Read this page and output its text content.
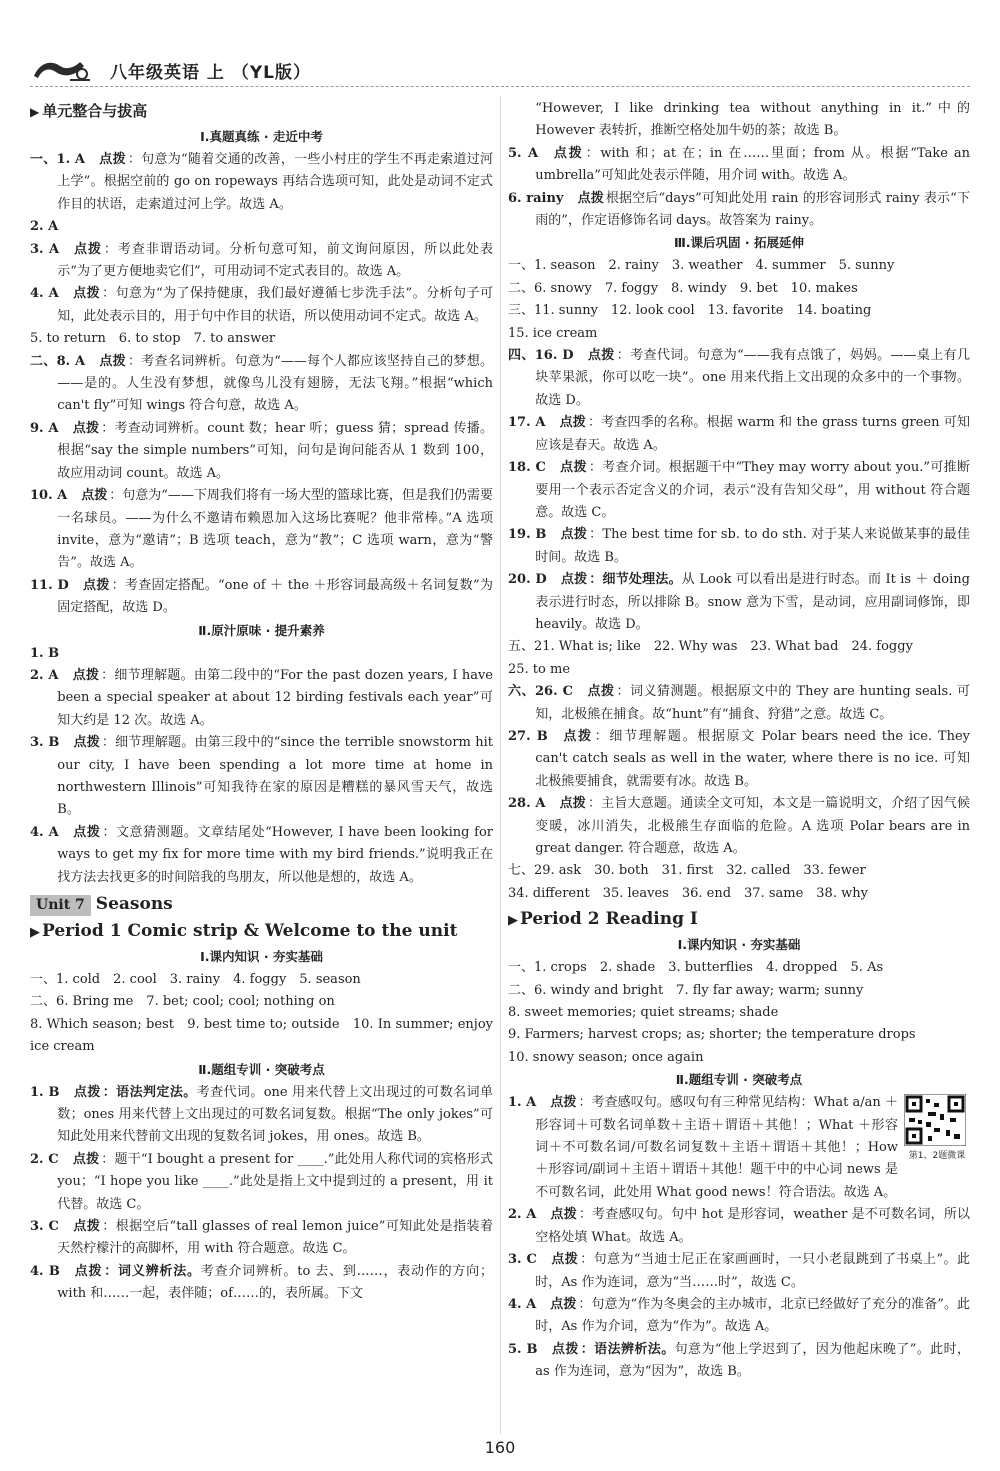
八年级英语 上 （YL版）
▶ 单元整合与拔高
Ⅰ.真题真练 · 走近中考

一、1. A 点拨 ：句意为“随着交通的改善，一些小村庄的学生不再走索道过河上学”。根据空前的 go on ropeways 再结合选项可知，此处是动词不定式作目的状语，走索道过河上学。故选 A。

2. A

3. A 点拨 ：考查非谓语动词。分析句意可知，前文询问原因，所以此处表示“为了更方便地卖它们”，可用动词不定式表目的。故选 A。

4. A 点拨 ：句意为“为了保持健康，我们最好遵循七步洗手法”。分析句子可知，此处表示目的，用于句中作目的状语，所以使用动词不定式。故选 A。

5. to return　6. to stop　7. to answer

二、8. A 点拨 ：考查名词辨析。句意为“——每个人都应该坚持自己的梦想。——是的。人生没有梦想，就像鸟儿没有翅膀，无法飞翔。”根据“which can't fly”可知 wings 符合句意，故选 A。

9. A 点拨 ：考查动词辨析。count 数；hear 听；guess 猜；spread 传播。根据“say the simple numbers”可知，问句是询问能否从 1 数到 100，故应用动词 count。故选 A。

10. A 点拨 ：句意为“——下周我们将有一场大型的篮球比赛，但是我们仍需要一名球员。——为什么不邀请布赖恩加入这场比赛呢？他非常棒。”A 选项 invite，意为“邀请”；B 选项 teach，意为“教”；C 选项 warn，意为“警告”。故选 A。

11. D 点拨 ：考查固定搭配。“one of ＋ the ＋形容词最高级＋名词复数”为固定搭配，故选 D。

Ⅱ.原汁原味 · 提升素养

1. B

2. A 点拨 ：细节理解题。由第二段中的“For the past dozen years, I have been a special speaker at about 12 birding festivals each year”可知大约是 12 次。故选 A。

3. B 点拨 ：细节理解题。由第三段中的“since the terrible snowstorm hit our city, I have been spending a lot more time at home in northwestern Illinois”可知我待在家的原因是糟糕的暴风雪天气，故选 B。

4. A 点拨 ：文意猜测题。文章结尾处“However, I have been looking for ways to get my fix for more time with my bird friends.”说明我正在找方法去找更多的时间陪我的鸟朋友，所以他是想的，故选 A。

Unit 7 Seasons
▶ Period 1 Comic strip & Welcome to the unit
Ⅰ.课内知识 · 夯实基础

一、1. cold　2. cool　3. rainy　4. foggy　5. season

二、6. Bring me　7. bet; cool; cool; nothing on

8. Which season; best　9. best time to; outside　10. In summer; enjoy ice cream

Ⅱ.题组专训 · 突破考点

1. B 点拨 ：语法判定法。考查代词。one 用来代替上文出现过的可数名词单数；ones 用来代替上文出现过的可数名词复数。根据“The only jokes”可知此处用来代替前文出现的复数名词 jokes，用 ones。故选 B。

2. C 点拨 ：题干“I bought a present for ____.”此处用人称代词的宾格形式 you；“I hope you like ____.”此处是指上文中提到过的 a present，用 it 代替。故选 C。

3. C 点拨 ：根据空后“tall glasses of real lemon juice”可知此处是指装着天然柠檬汁的高脚杯，用 with 符合题意。故选 C。

4. B 点拨 ：词义辨析法。考查介词辨析。to 去、到……，表动作的方向；with 和……一起，表伴随；of……的，表所属。下文

“However, I like drinking tea without anything in it.”中的 However 表转折，推断空格处加牛奶的茶；故选 B。

5. A 点拨 ：with 和；at 在；in 在……里面；from 从。根据“Take an umbrella”可知此处表示伴随，用介词 with。故选 A。

6. rainy 点拨 根据空后“days”可知此处用 rain 的形容词形式 rainy 表示“下雨的”，作定语修饰名词 days。故答案为 rainy。

Ⅲ.课后巩固 · 拓展延伸

一、1. season　2. rainy　3. weather　4. summer　5. sunny

二、6. snowy　7. foggy　8. windy　9. bet　10. makes

三、11. sunny　12. look cool　13. favorite　14. boating

15. ice cream

四、16. D 点拨 ：考查代词。句意为“——我有点饿了，妈妈。——桌上有几块苹果派，你可以吃一块”。one 用来代指上文出现的众多中的一个事物。故选 D。

17. A 点拨 ：考查四季的名称。根据 warm 和 the grass turns green 可知应该是春天。故选 A。

18. C 点拨 ：考查介词。根据题干中“They may worry about you.”可推断要用一个表示否定含义的介词，表示“没有告知父母”，用 without 符合题意。故选 C。

19. B 点拨 ：The best time for sb. to do sth. 对于某人来说做某事的最佳时间。故选 B。

20. D 点拨 ：细节处理法。从 Look 可以看出是进行时态。而 It is ＋ doing 表示进行时态，所以排除 B。snow 意为下雪，是动词，应用副词修饰，即 heavily。故选 D。

五、21. What is; like　22. Why was　23. What bad　24. foggy

25. to me

六、26. C 点拨 ：词义猜测题。根据原文中的 They are hunting seals. 可知，北极熊在捕食。故“hunt”有“捕食、狩猎”之意。故选 C。

27. B 点拨 ：细节理解题。根据原文 Polar bears need the ice. They can't catch seals as well in the water, where there is no ice. 可知北极熊要捕食，就需要有冰。故选 B。

28. A 点拨 ：主旨大意题。通读全文可知，本文是一篇说明文，介绍了因气候变暖，冰川消失，北极熊生存面临的危险。A 选项 Polar bears are in great danger. 符合题意，故选 A。

七、29. ask　30. both　31. first　32. called　33. fewer

34. different　35. leaves　36. end　37. same　38. why

▶ Period 2 Reading Ⅰ
Ⅰ.课内知识 · 夯实基础

一、1. crops　2. shade　3. butterflies　4. dropped　5. As

二、6. windy and bright　7. fly far away; warm; sunny

8. sweet memories; quiet streams; shade

9. Farmers; harvest crops; as; shorter; the temperature drops

10. snowy season; once again

Ⅱ.题组专训 · 突破考点
第1、2题微课

1. A 点拨 ：考查感叹句。感叹句有三种常见结构：What a/an ＋形容词＋可数名词单数＋主语＋谓语＋其他！；What ＋形容词＋不可数名词/可数名词复数＋主语＋谓语＋其他！；How ＋形容词/副词＋主语＋谓语＋其他！题干中的中心词 news 是不可数名词，此处用 What good news！符合语法。故选 A。

2. A 点拨 ：考查感叹句。句中 hot 是形容词，weather 是不可数名词，所以空格处填 What。故选 A。

3. C 点拨 ：句意为“当迪士尼正在家画画时，一只小老鼠跳到了书桌上”。此时，As 作为连词，意为“当……时”，故选 C。

4. A 点拨 ：句意为“作为冬奥会的主办城市，北京已经做好了充分的准备”。此时，As 作为介词，意为“作为”。故选 A。

5. B 点拨 ：语法辨析法。句意为“他上学迟到了，因为他起床晚了”。此时，as 作为连词，意为“因为”，故选 B。

160
